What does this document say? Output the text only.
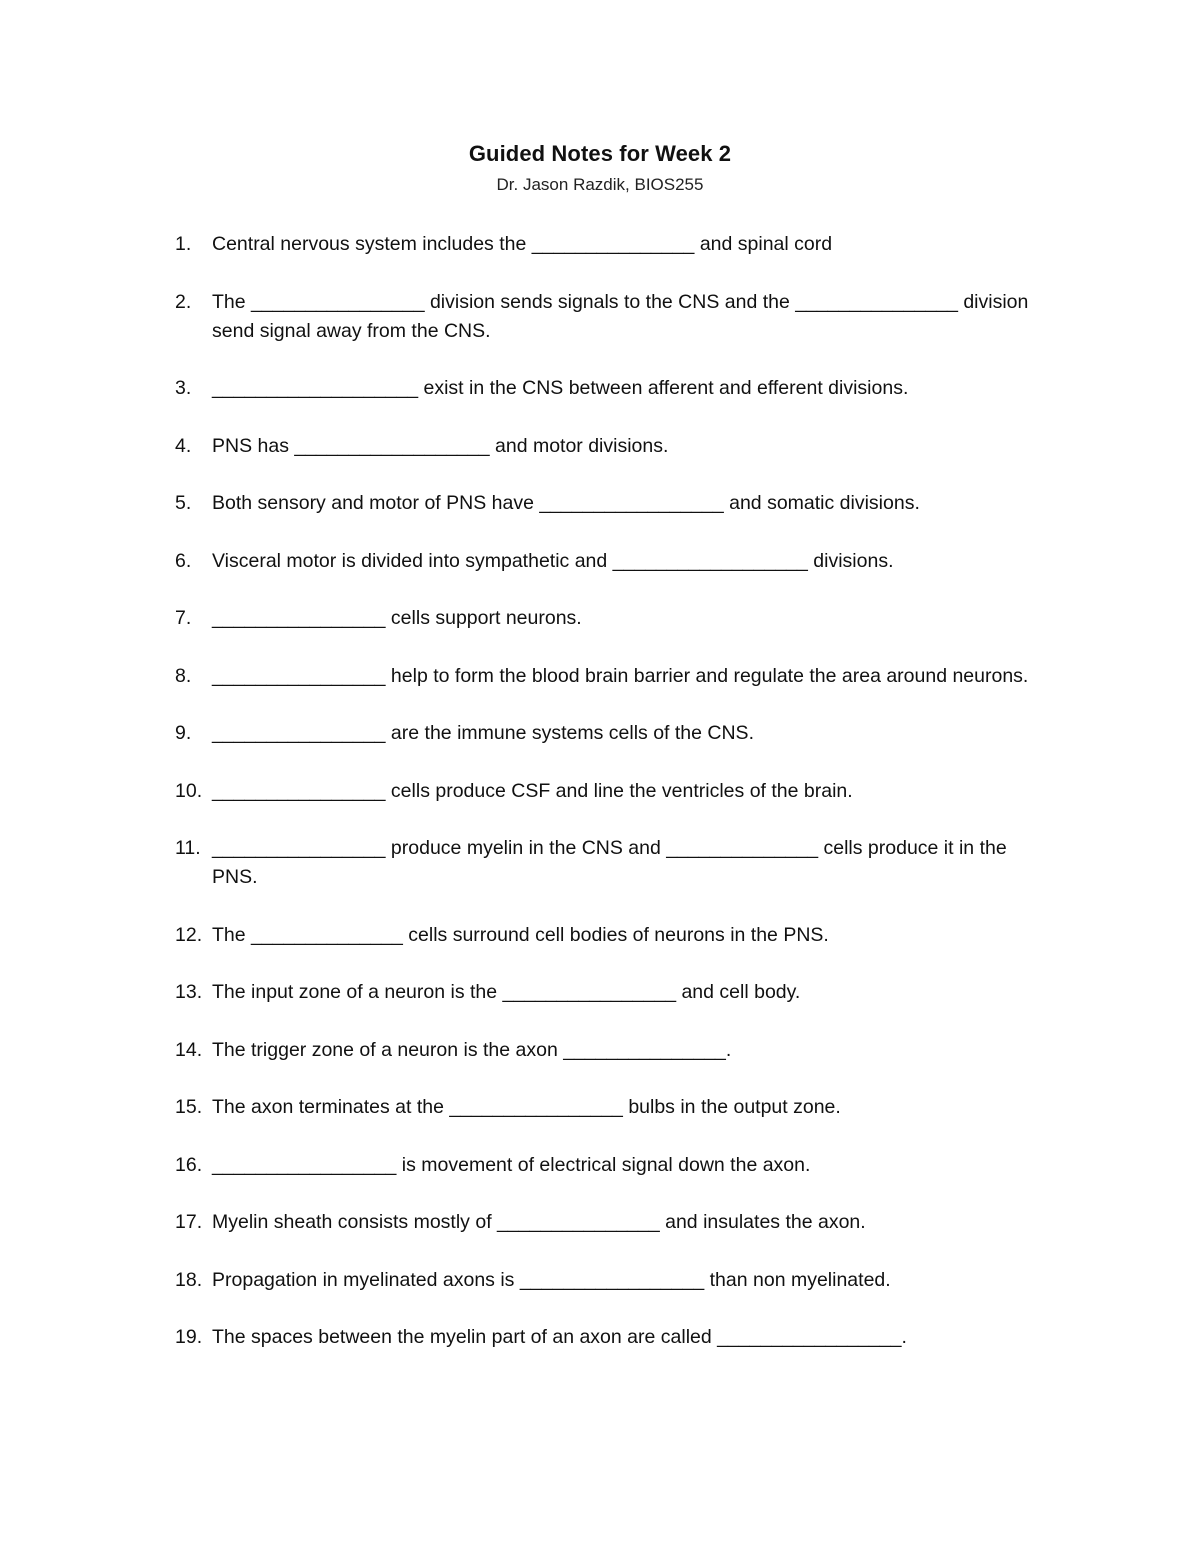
Guided Notes for Week 2
Dr. Jason Razdik, BIOS255
1. Central nervous system includes the _______________ and spinal cord
2. The ________________ division sends signals to the CNS and the _______________ division send signal away from the CNS.
3. ___________________ exist in the CNS between afferent and efferent divisions.
4. PNS has __________________ and motor divisions.
5. Both sensory and motor of PNS have _________________ and somatic divisions.
6. Visceral motor is divided into sympathetic and __________________ divisions.
7. ________________ cells support neurons.
8. ________________ help to form the blood brain barrier and regulate the area around neurons.
9. ________________ are the immune systems cells of the CNS.
10. ________________ cells produce CSF and line the ventricles of the brain.
11. ________________ produce myelin in the CNS and ______________ cells produce it in the PNS.
12. The ______________ cells surround cell bodies of neurons in the PNS.
13. The input zone of a neuron is the ________________ and cell body.
14. The trigger zone of a neuron is the axon _______________.
15. The axon terminates at the ________________ bulbs in the output zone.
16. _________________ is movement of electrical signal down the axon.
17. Myelin sheath consists mostly of _______________ and insulates the axon.
18. Propagation in myelinated axons is _________________ than non myelinated.
19. The spaces between the myelin part of an axon are called _________________.
